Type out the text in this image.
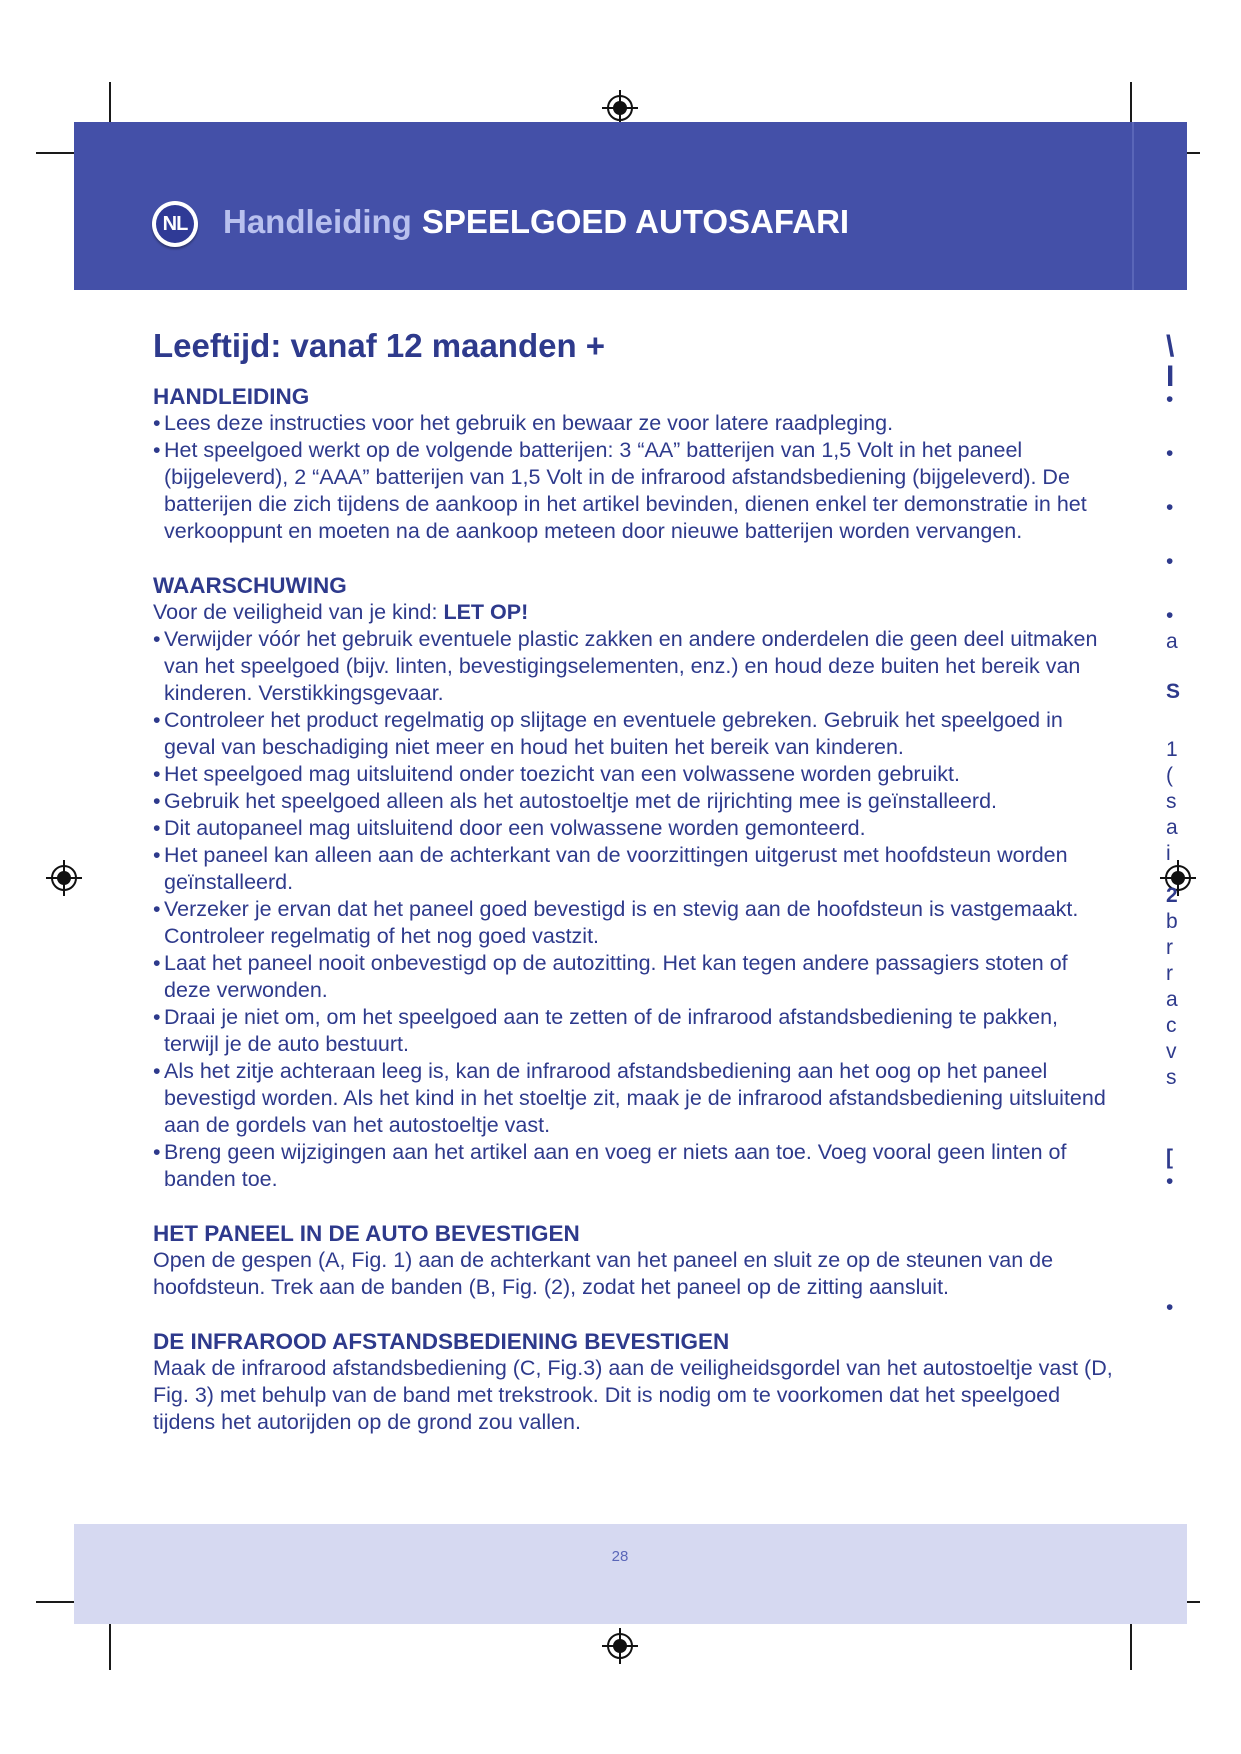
NL Handleiding SPEELGOED AUTOSAFARI
\
I
•
•
•
•
•
a
S
1
(
s
a
i
2
b
r
r
a
c
v
s
[
•
•
Leeftijd: vanaf 12 maanden +
HANDLEIDING
• Lees deze instructies voor het gebruik en bewaar ze voor latere raadpleging.
• Het speelgoed werkt op de volgende batterijen: 3 “AA” batterijen van 1,5 Volt in het paneel (bijgeleverd), 2 “AAA” batterijen van 1,5 Volt in de infrarood afstandsbediening (bijgeleverd). De batterijen die zich tijdens de aankoop in het artikel bevinden, dienen enkel ter demonstratie in het verkooppunt en moeten na de aankoop meteen door nieuwe batterijen worden vervangen.
WAARSCHUWING

Voor de veiligheid van je kind: LET OP!

• Verwijder vóór het gebruik eventuele plastic zakken en andere onderdelen die geen deel uitmaken van het speelgoed (bijv. linten, bevestigingselementen, enz.) en houd deze buiten het bereik van kinderen. Verstikkingsgevaar.
• Controleer het product regelmatig op slijtage en eventuele gebreken. Gebruik het speelgoed in geval van beschadiging niet meer en houd het buiten het bereik van kinderen.
• Het speelgoed mag uitsluitend onder toezicht van een volwassene worden gebruikt.
• Gebruik het speelgoed alleen als het autostoeltje met de rijrichting mee is geïnstalleerd.
• Dit autopaneel mag uitsluitend door een volwassene worden gemonteerd.
• Het paneel kan alleen aan de achterkant van de voorzittingen uitgerust met hoofdsteun worden geïnstalleerd.
• Verzeker je ervan dat het paneel goed bevestigd is en stevig aan de hoofdsteun is vastgemaakt. Controleer regelmatig of het nog goed vastzit.
• Laat het paneel nooit onbevestigd op de autozitting. Het kan tegen andere passagiers stoten of deze verwonden.
• Draai je niet om, om het speelgoed aan te zetten of de infrarood afstandsbediening te pakken, terwijl je de auto bestuurt.
• Als het zitje achteraan leeg is, kan de infrarood afstandsbediening aan het oog op het paneel bevestigd worden. Als het kind in het stoeltje zit, maak je de infrarood afstandsbediening uitsluitend aan de gordels van het autostoeltje vast.
• Breng geen wijzigingen aan het artikel aan en voeg er niets aan toe. Voeg vooral geen linten of banden toe.
HET PANEEL IN DE AUTO BEVESTIGEN

Open de gespen (A, Fig. 1) aan de achterkant van het paneel en sluit ze op de steunen van de hoofdsteun. Trek aan de banden (B, Fig. (2), zodat het paneel op de zitting aansluit.

DE INFRAROOD AFSTANDSBEDIENING BEVESTIGEN

Maak de infrarood afstandsbediening (C, Fig.3) aan de veiligheidsgordel van het autostoeltje vast (D, Fig. 3) met behulp van de band met trekstrook. Dit is nodig om te voorkomen dat het speelgoed tijdens het autorijden op de grond zou vallen.

28
